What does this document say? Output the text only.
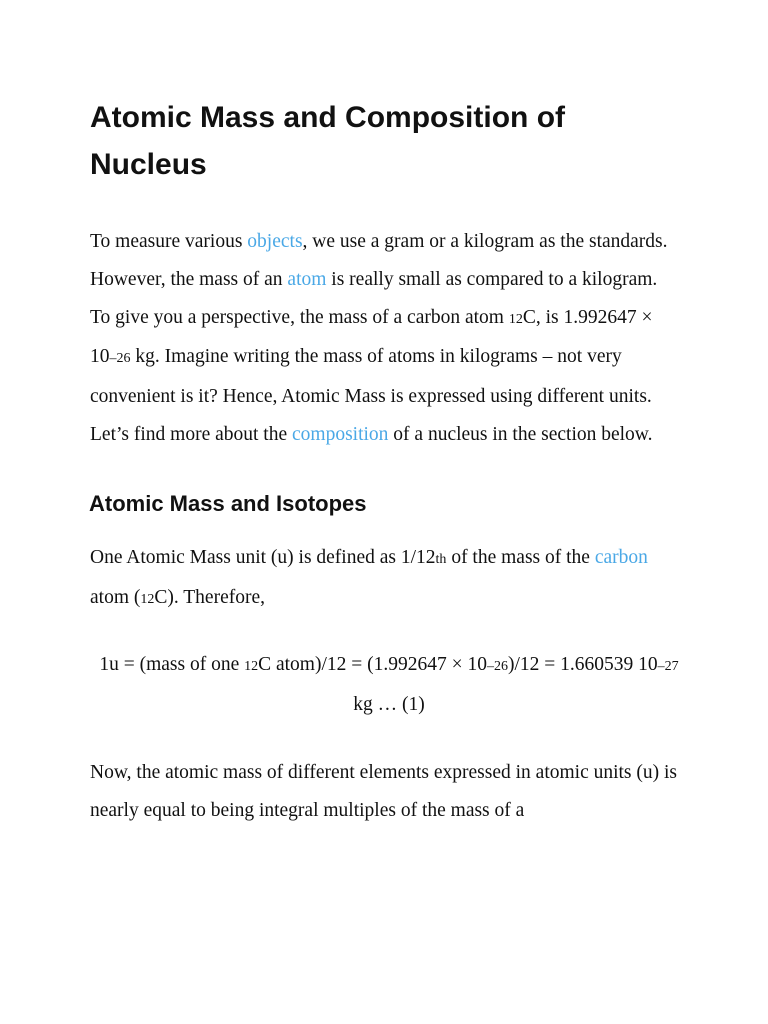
Atomic Mass and Composition of Nucleus

To measure various objects, we use a gram or a kilogram as the standards. However, the mass of an atom is really small as compared to a kilogram. To give you a perspective, the mass of a carbon atom 12C, is 1.992647 × 10–26 kg. Imagine writing the mass of atoms in kilograms – not very convenient is it? Hence, Atomic Mass is expressed using different units. Let’s find more about the composition of a nucleus in the section below.

Atomic Mass and Isotopes

One Atomic Mass unit (u) is defined as 1/12th of the mass of the carbon atom (12C). Therefore,

1u = (mass of one 12C atom)/12 = (1.992647 × 10–26)/12 = 1.660539 10–27 kg … (1)

Now, the atomic mass of different elements expressed in atomic units (u) is nearly equal to being integral multiples of the mass of a
